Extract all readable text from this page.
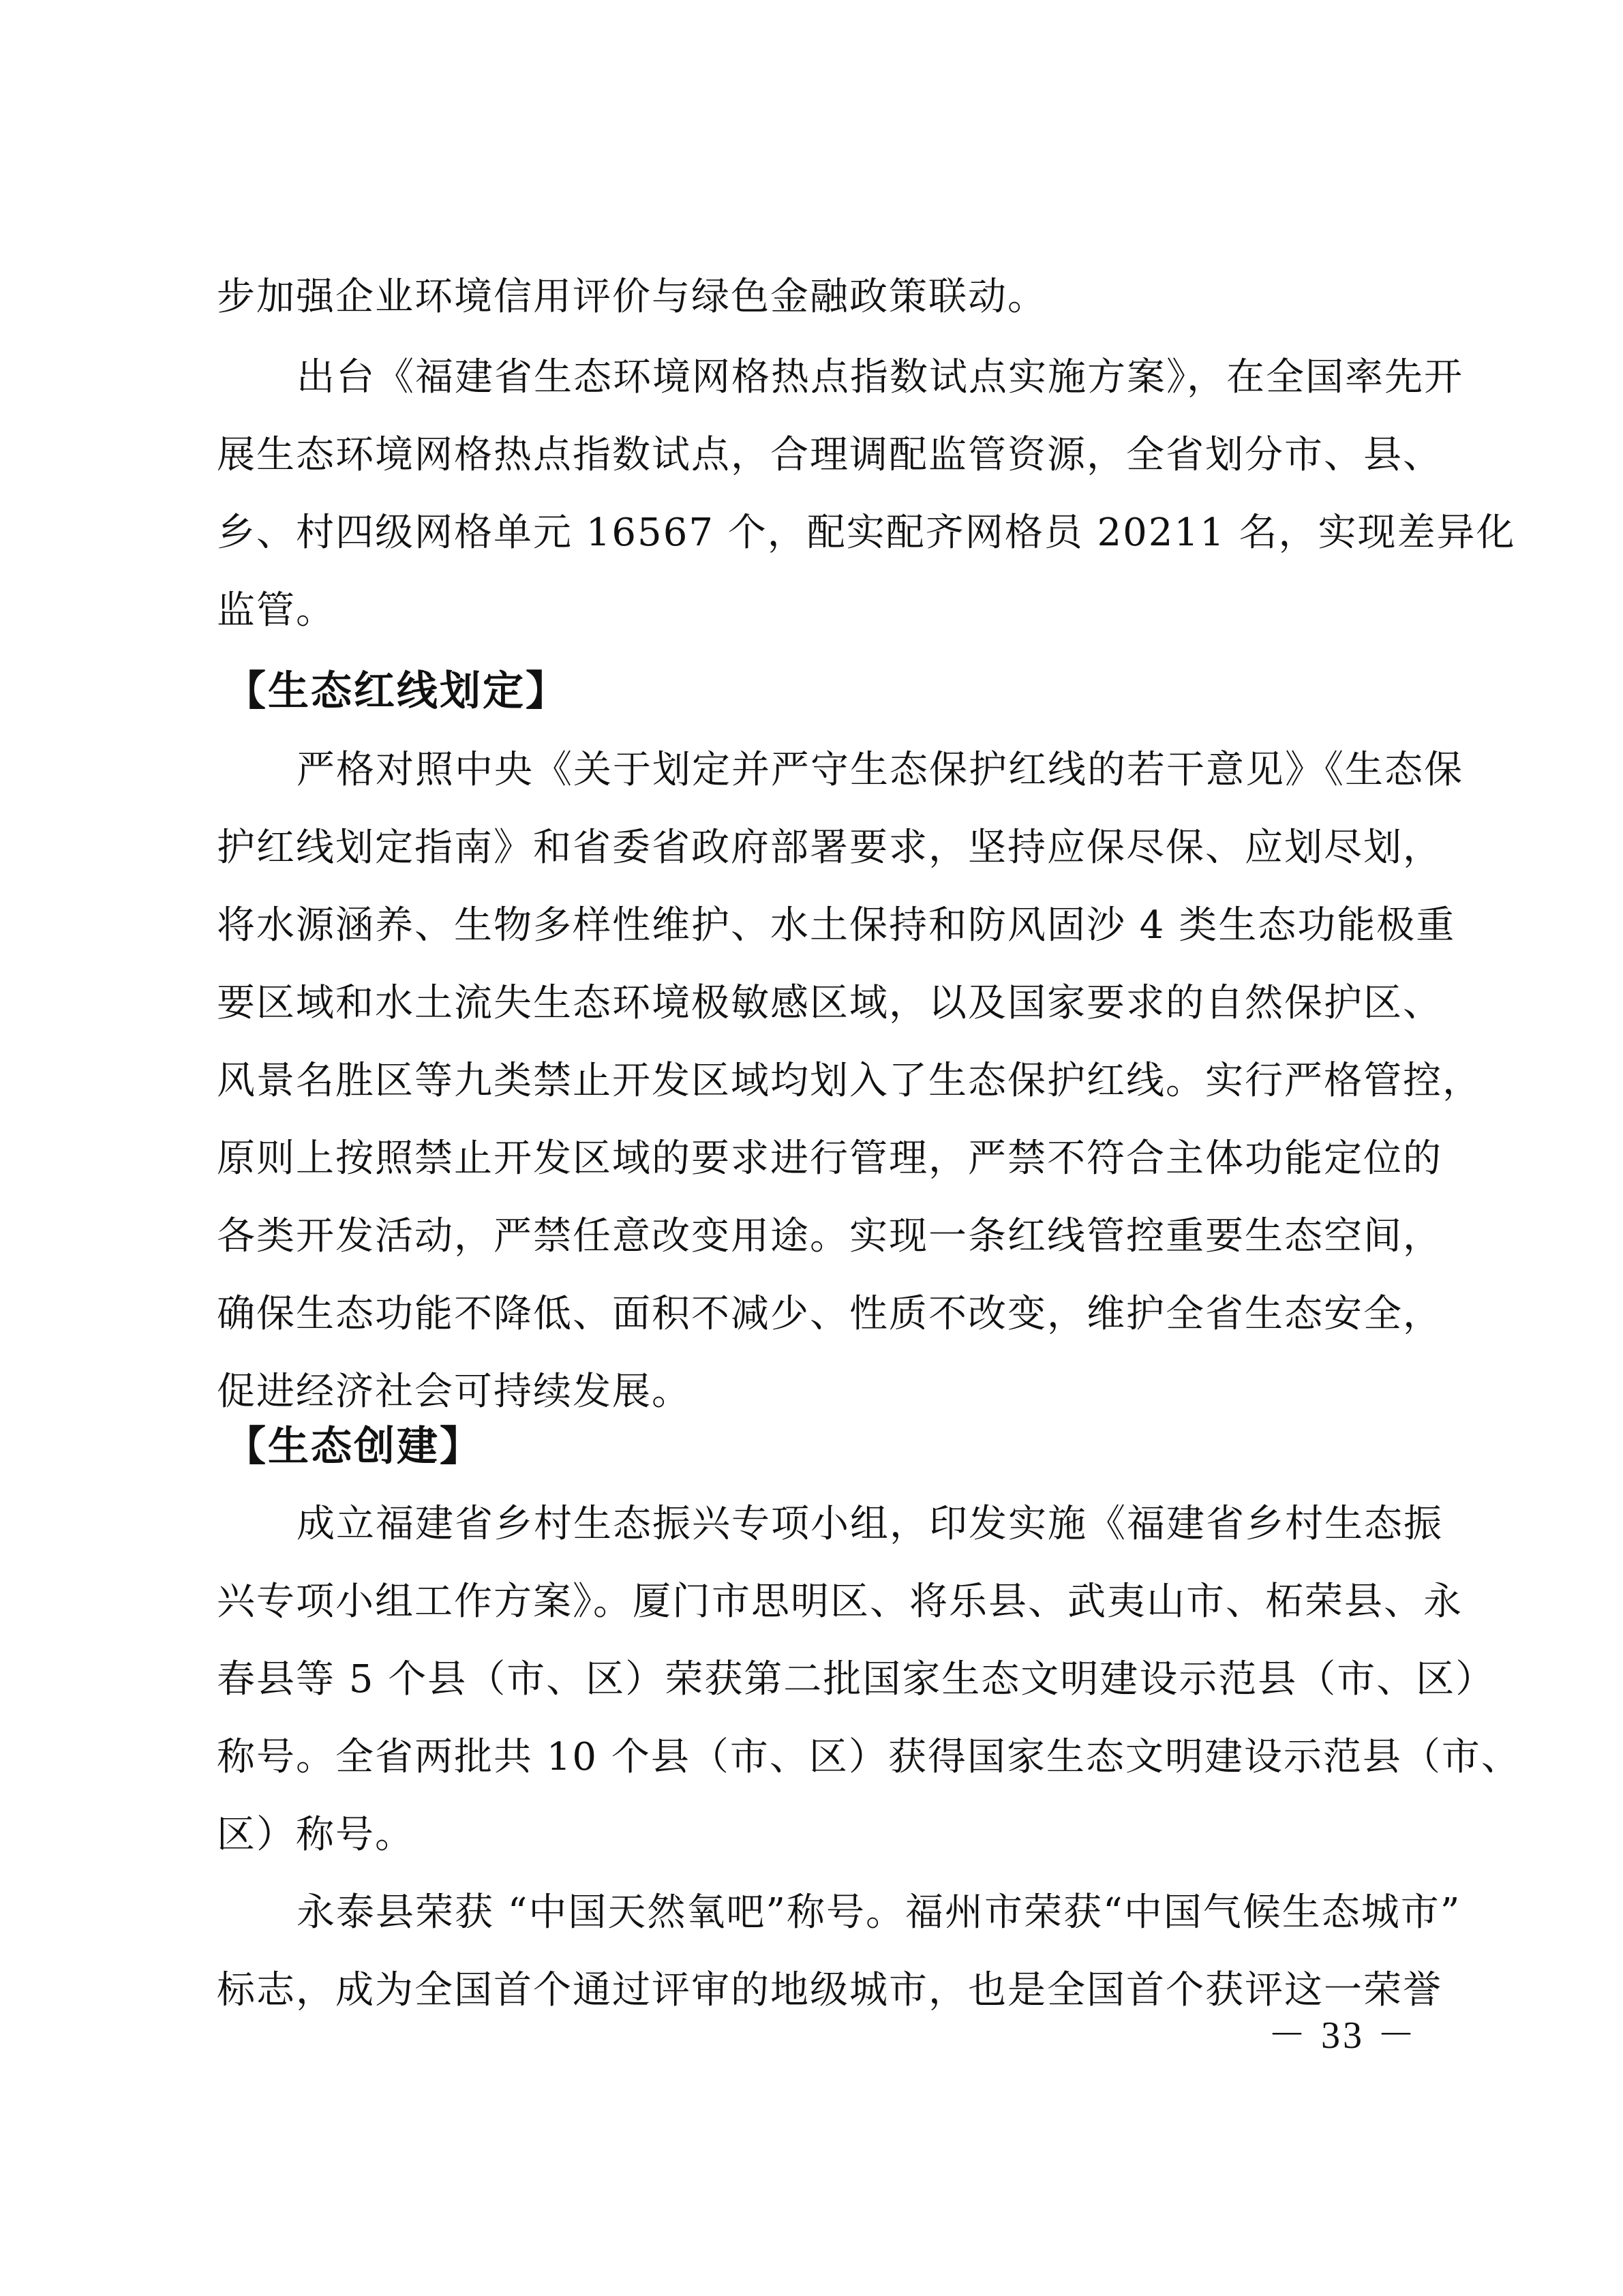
步加强企业环境信用评价与绿色金融政策联动。
出台《福建省生态环境网格热点指数试点实施方案》，在全国率先开
展生态环境网格热点指数试点，合理调配监管资源，全省划分市、县、
乡、村四级网格单元 16567 个，配实配齐网格员 20211 名，实现差异化
监管。
【生态红线划定】
严格对照中央《关于划定并严守生态保护红线的若干意见》《生态保
护红线划定指南》和省委省政府部署要求，坚持应保尽保、应划尽划，
将水源涵养、生物多样性维护、水土保持和防风固沙 4 类生态功能极重
要区域和水土流失生态环境极敏感区域，以及国家要求的自然保护区、
风景名胜区等九类禁止开发区域均划入了生态保护红线。实行严格管控，
原则上按照禁止开发区域的要求进行管理，严禁不符合主体功能定位的
各类开发活动，严禁任意改变用途。实现一条红线管控重要生态空间，
确保生态功能不降低、面积不减少、性质不改变，维护全省生态安全，
促进经济社会可持续发展。
【生态创建】
成立福建省乡村生态振兴专项小组，印发实施《福建省乡村生态振
兴专项小组工作方案》。厦门市思明区、将乐县、武夷山市、柘荣县、永
春县等 5 个县（市、区）荣获第二批国家生态文明建设示范县（市、区）
称号。全省两批共 10 个县（市、区）获得国家生态文明建设示范县（市、
区）称号。
永泰县荣获 “中国天然氧吧”称号。福州市荣获“中国气候生态城市”
标志，成为全国首个通过评审的地级城市，也是全国首个获评这一荣誉
－ 33 －
